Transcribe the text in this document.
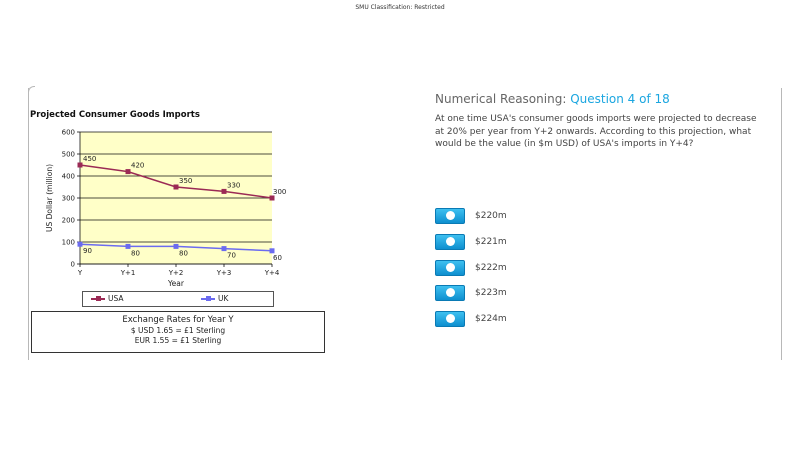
SMU Classification: Restricted
Projected Consumer Goods Imports
0
100
200
300
400
500
600
Y	Y+1	Y+2	Y+3	Y+4
450
420
350
330
300
90	80	80	70	60
US Dollar (million)
Year
USA	UK
Exchange Rates for Year Y
$ USD 1.65 = £1 Sterling
EUR 1.55 = £1 Sterling
Numerical Reasoning: Question 4 of 18
At one time USA's consumer goods imports were projected to decrease at 20% per year from Y+2 onwards. According to this projection, what would be the value (in $m USD) of USA's imports in Y+4?
$220m
$221m
$222m
$223m
$224m
